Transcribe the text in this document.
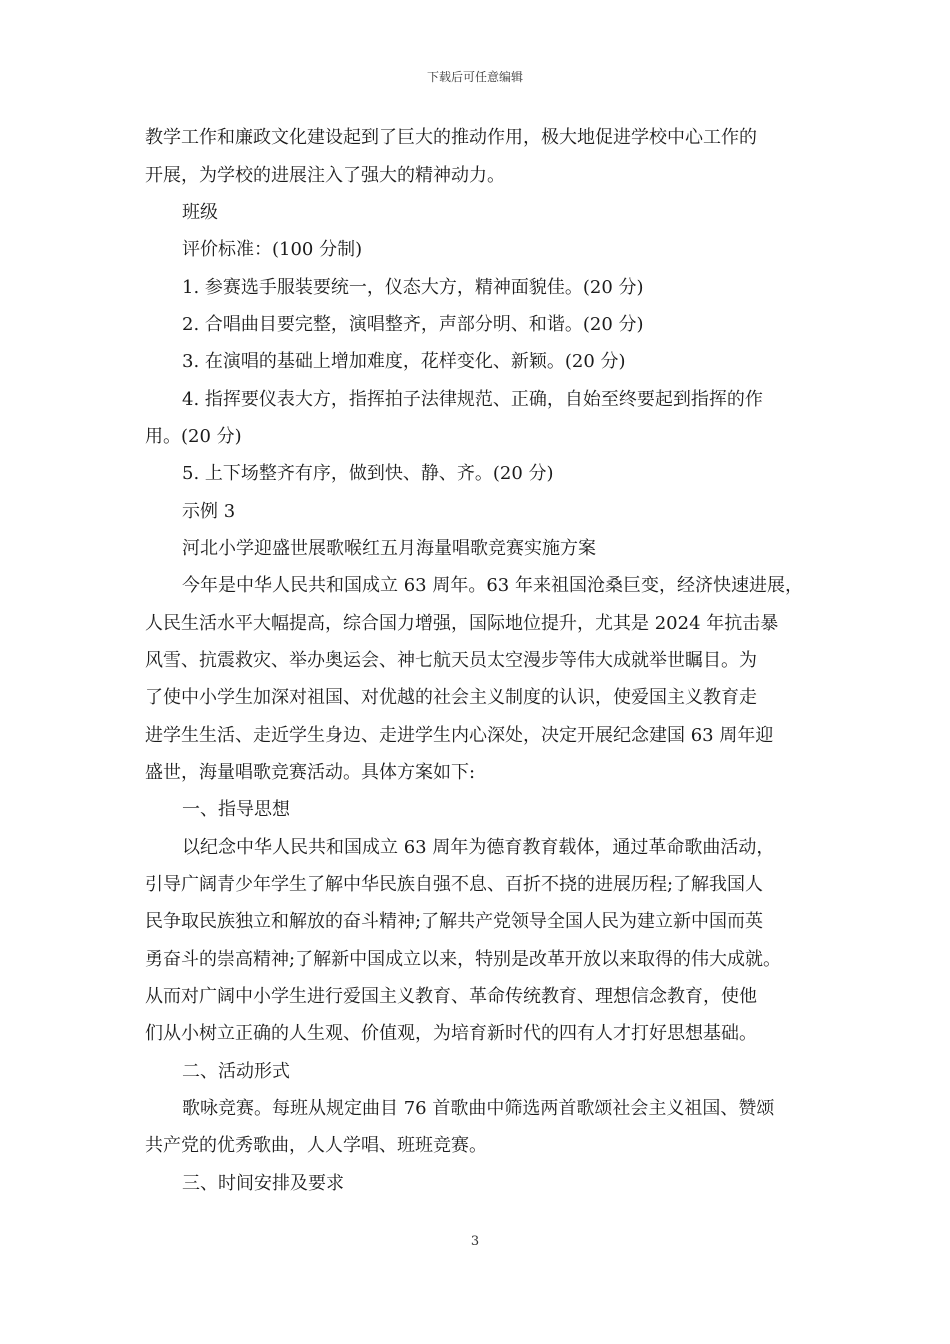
下载后可任意编辑
教学工作和廉政文化建设起到了巨大的推动作用，极大地促进学校中心工作的
开展，为学校的进展注入了强大的精神动力。
班级
评价标准：(100 分制)
1. 参赛选手服装要统一，仪态大方，精神面貌佳。(20 分)
2. 合唱曲目要完整，演唱整齐，声部分明、和谐。(20 分)
3. 在演唱的基础上增加难度，花样变化、新颖。(20 分)
4. 指挥要仪表大方，指挥拍子法律规范、正确，自始至终要起到指挥的作
用。(20 分)
5. 上下场整齐有序，做到快、静、齐。(20 分)
示例 3
河北小学迎盛世展歌喉红五月海量唱歌竞赛实施方案
今年是中华人民共和国成立 63 周年。63 年来祖国沧桑巨变，经济快速进展，
人民生活水平大幅提高，综合国力增强，国际地位提升，尤其是 2024 年抗击暴
风雪、抗震救灾、举办奥运会、神七航天员太空漫步等伟大成就举世瞩目。为
了使中小学生加深对祖国、对优越的社会主义制度的认识，使爱国主义教育走
进学生生活、走近学生身边、走进学生内心深处，决定开展纪念建国 63 周年迎
盛世，海量唱歌竞赛活动。具体方案如下:
一、指导思想
以纪念中华人民共和国成立 63 周年为德育教育载体，通过革命歌曲活动，
引导广阔青少年学生了解中华民族自强不息、百折不挠的进展历程;了解我国人
民争取民族独立和解放的奋斗精神;了解共产党领导全国人民为建立新中国而英
勇奋斗的崇高精神;了解新中国成立以来，特别是改革开放以来取得的伟大成就。
从而对广阔中小学生进行爱国主义教育、革命传统教育、理想信念教育，使他
们从小树立正确的人生观、价值观，为培育新时代的四有人才打好思想基础。
二、活动形式
歌咏竞赛。每班从规定曲目 76 首歌曲中筛选两首歌颂社会主义祖国、赞颂
共产党的优秀歌曲，人人学唱、班班竞赛。
三、时间安排及要求
3
